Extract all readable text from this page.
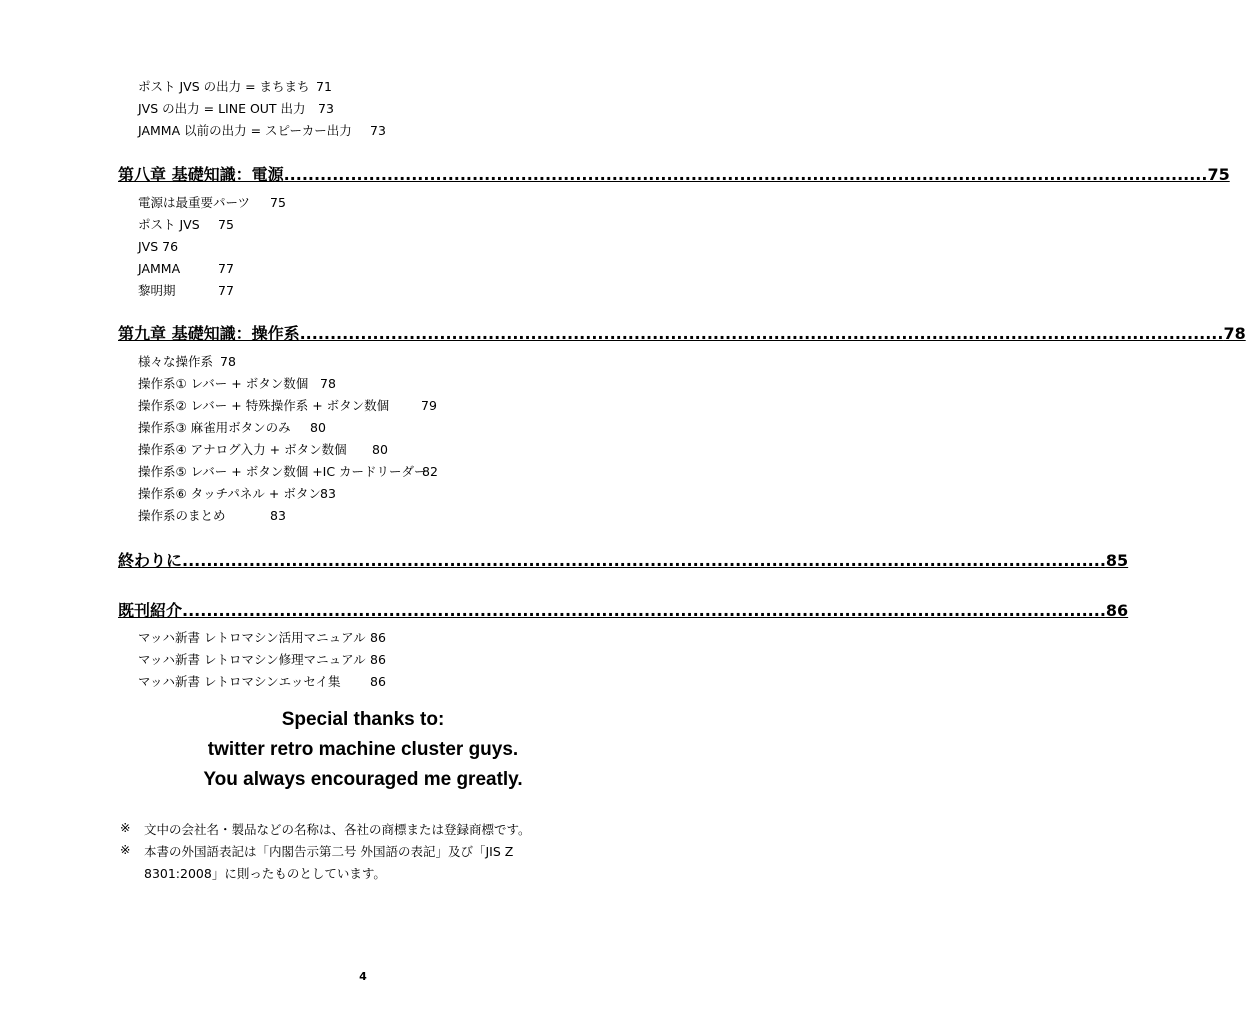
ポスト JVS の出力 = まちまち 71
JVS の出力 = LINE OUT 出力 73
JAMMA 以前の出力 = スピーカー出力 73
第八章 基礎知識：電源 ........................................................................................................................................................ 75
電源は最重要パーツ 75
ポスト JVS 75
JVS 76
JAMMA	77
黎明期	77
第九章 基礎知識：操作系 ........................................................................................................................................................ 78
様々な操作系 78
操作系① レバー + ボタン数個 78
操作系② レバー + 特殊操作系 + ボタン数個	79
操作系③ 麻雀用ボタンのみ 80
操作系④ アナログ入力 + ボタン数個 80
操作系⑤ レバー + ボタン数個 +IC カードリーダー82
操作系⑥ タッチパネル + ボタン83
操作系のまとめ	83
終わりに ........................................................................................................................................................ 85
既刊紹介 ........................................................................................................................................................ 86
マッハ新書 レトロマシン活用マニュアル 86
マッハ新書 レトロマシン修理マニュアル 86
マッハ新書 レトロマシンエッセイ集 86
Special thanks to:
twitter retro machine cluster guys.
You always encouraged me greatly.
※ 文中の会社名・製品などの名称は、各社の商標または登録商標です。
※ 本書の外国語表記は「内閣告示第二号 外国語の表記」及び「JIS Z
8301:2008」に則ったものとしています。
4
